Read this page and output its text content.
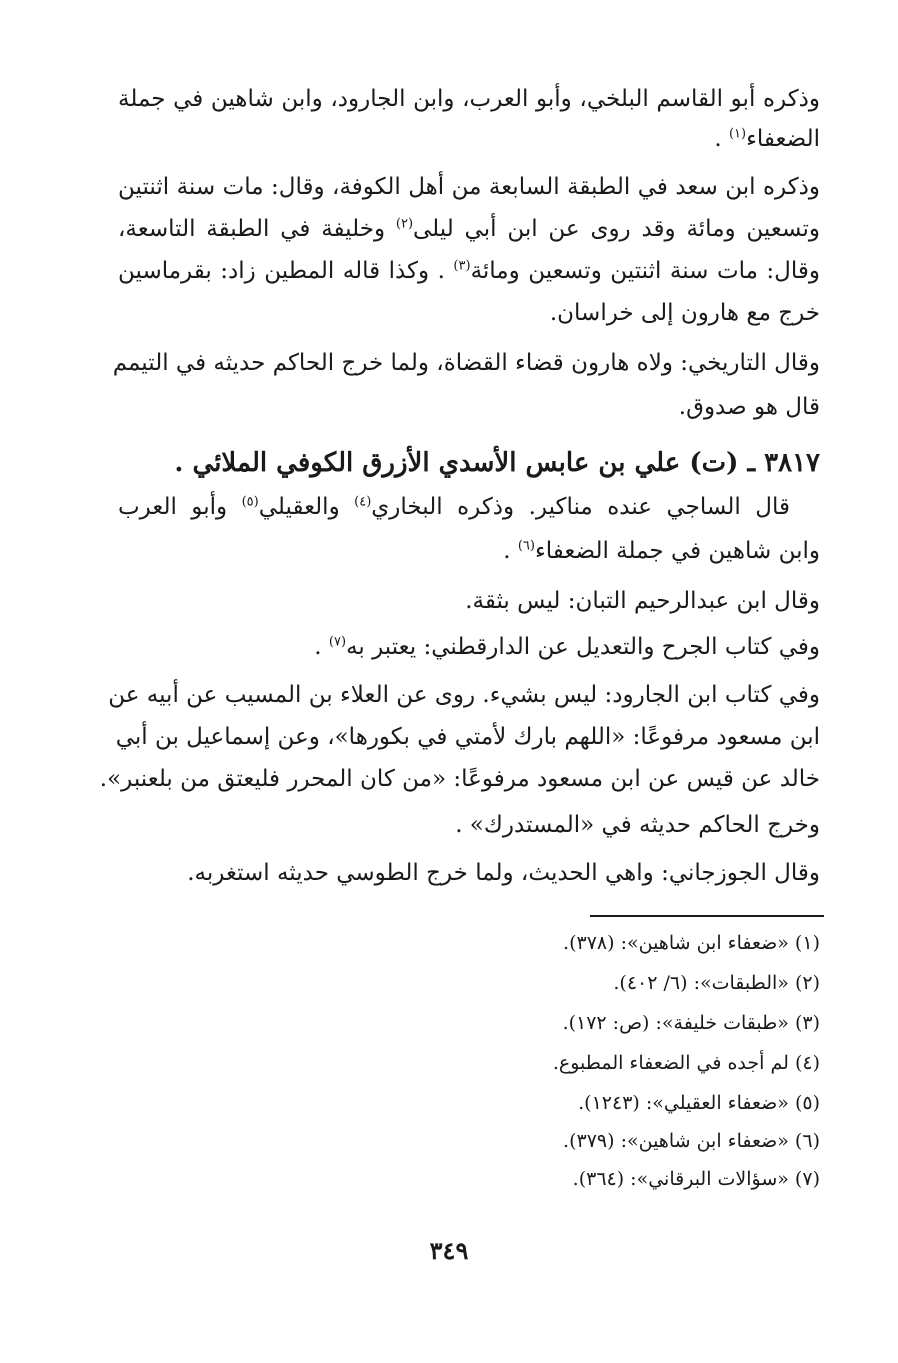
وذكره أبو القاسم البلخي، وأبو العرب، وابن الجارود، وابن شاهين في جملة
الضعفاء$^{(١)}$ .
وذكره ابن سعد في الطبقة السابعة من أهل الكوفة، وقال: مات سنة اثنتين
وتسعين ومائة وقد روى عن ابن أبي ليلى$^{(٢)}$ وخليفة في الطبقة التاسعة،
وقال: مات سنة اثنتين وتسعين ومائة$^{(٣)}$ . وكذا قاله المطين زاد: بقرماسين
خرج مع هارون إلى خراسان.
وقال التاريخي: ولاه هارون قضاء القضاة، ولما خرج الحاكم حديثه في التيمم
قال هو صدوق.
٣٨١٧ ـ (ت) علي بن عابس الأسدي الأزرق الكوفي الملائي .
قال الساجي عنده مناكير. وذكره البخاري$^{(٤)}$ والعقيلي$^{(٥)}$ وأبو العرب
وابن شاهين في جملة الضعفاء$^{(٦)}$ .
وقال ابن عبدالرحيم التبان: ليس بثقة.
وفي كتاب الجرح والتعديل عن الدارقطني: يعتبر به$^{(٧)}$ .
وفي كتاب ابن الجارود: ليس بشيء. روى عن العلاء بن المسيب عن أبيه عن
ابن مسعود مرفوعًا: «اللهم بارك لأمتي في بكورها»، وعن إسماعيل بن أبي
خالد عن قيس عن ابن مسعود مرفوعًا: «من كان المحرر فليعتق من بلعنبر».
وخرج الحاكم حديثه في «المستدرك» .
وقال الجوزجاني: واهي الحديث، ولما خرج الطوسي حديثه استغربه.
(١) «ضعفاء ابن شاهين»: (٣٧٨).
(٢) «الطبقات»: (٦/ ٤٠٢).
(٣) «طبقات خليفة»: (ص: ١٧٢).
(٤) لم أجده في الضعفاء المطبوع.
(٥) «ضعفاء العقيلي»: (١٢٤٣).
(٦) «ضعفاء ابن شاهين»: (٣٧٩).
(٧) «سؤالات البرقاني»: (٣٦٤).
٣٤٩
